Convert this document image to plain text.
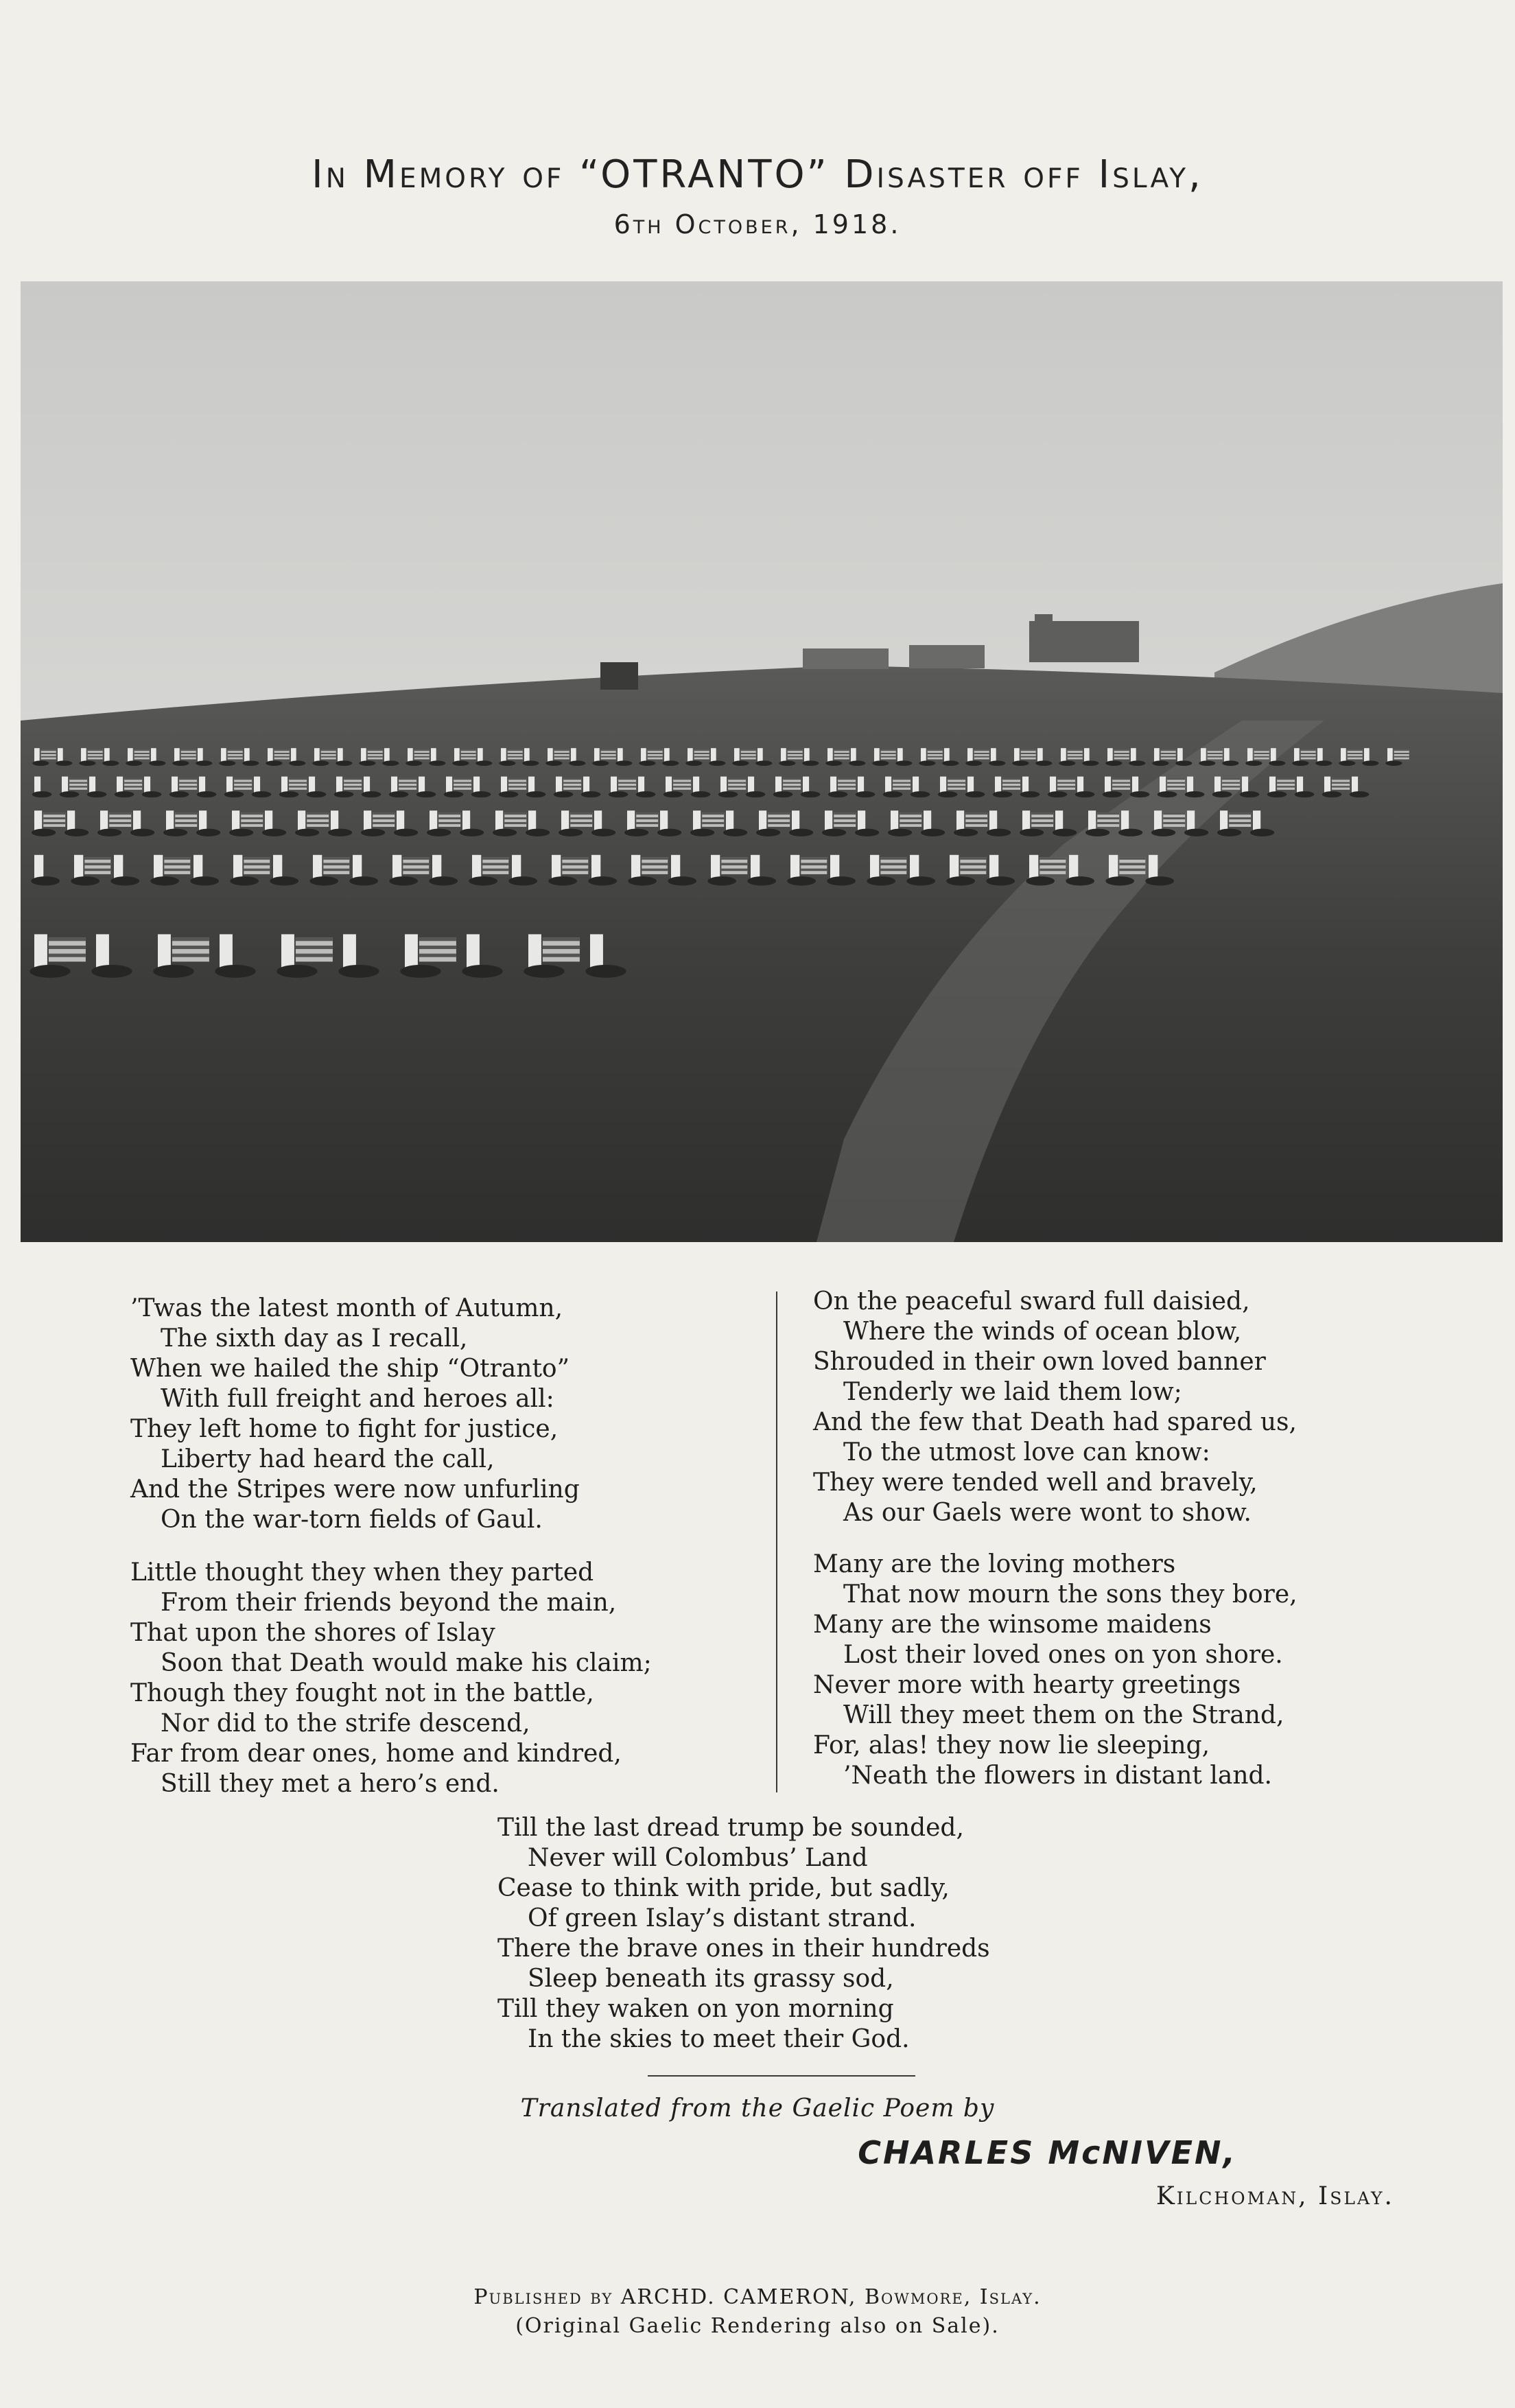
In Memory of “OTRANTO” Disaster off Islay,
6th October, 1918.
’Twas the latest month of Autumn,
The sixth day as I recall,
When we hailed the ship “Otranto”
With full freight and heroes all:
They left home to fight for justice,
Liberty had heard the call,
And the Stripes were now unfurling
On the war-torn fields of Gaul.
Little thought they when they parted
From their friends beyond the main,
That upon the shores of Islay
Soon that Death would make his claim;
Though they fought not in the battle,
Nor did to the strife descend,
Far from dear ones, home and kindred,
Still they met a hero’s end.
On the peaceful sward full daisied,
Where the winds of ocean blow,
Shrouded in their own loved banner
Tenderly we laid them low;
And the few that Death had spared us,
To the utmost love can know:
They were tended well and bravely,
As our Gaels were wont to show.
Many are the loving mothers
That now mourn the sons they bore,
Many are the winsome maidens
Lost their loved ones on yon shore.
Never more with hearty greetings
Will they meet them on the Strand,
For, alas! they now lie sleeping,
’Neath the flowers in distant land.
Till the last dread trump be sounded,
Never will Colombus’ Land
Cease to think with pride, but sadly,
Of green Islay’s distant strand.
There the brave ones in their hundreds
Sleep beneath its grassy sod,
Till they waken on yon morning
In the skies to meet their God.
Translated from the Gaelic Poem by
CHARLES McNIVEN,
Kilchoman, Islay.
Published by ARCHD. CAMERON, Bowmore, Islay.
(Original Gaelic Rendering also on Sale).
